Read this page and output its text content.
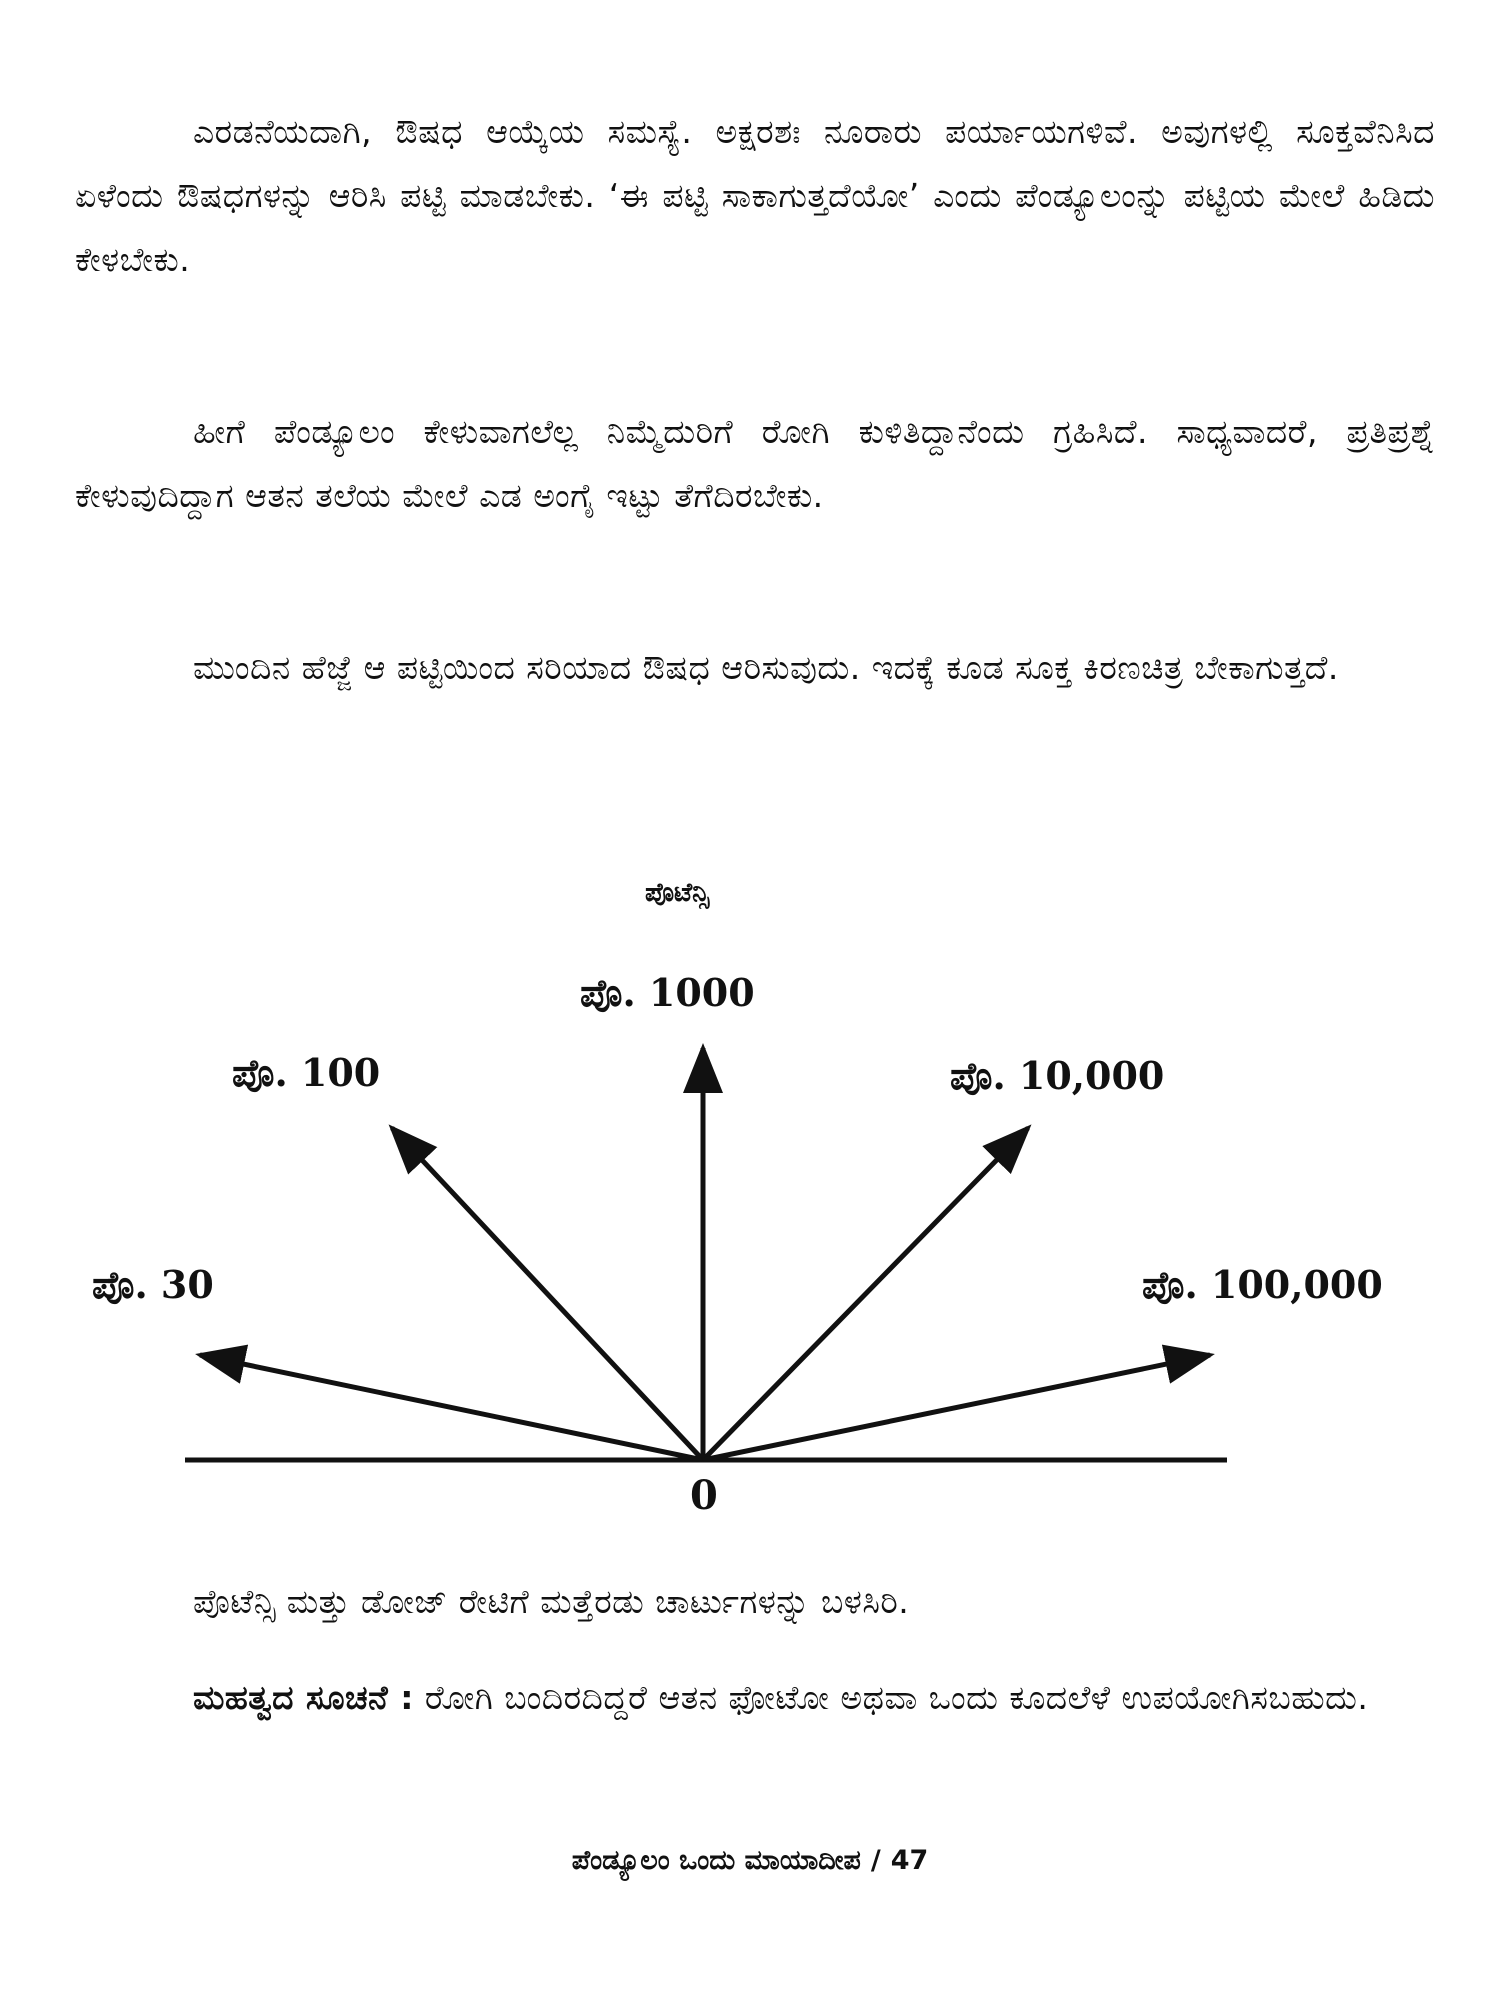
ಎರಡನೆಯದಾಗಿ, ಔಷಧ ಆಯ್ಕೆಯ ಸಮಸ್ಯೆ. ಅಕ್ಷರಶಃ ನೂರಾರು ಪರ್ಯಾಯಗಳಿವೆ. ಅವುಗಳಲ್ಲಿ ಸೂಕ್ತವೆನಿಸಿದ ಏಳೆಂದು ಔಷಧಗಳನ್ನು ಆರಿಸಿ ಪಟ್ಟಿ ಮಾಡಬೇಕು. ‘ಈ ಪಟ್ಟಿ ಸಾಕಾಗುತ್ತದೆಯೋ’ ಎಂದು ಪೆಂಡ್ಯೂಲಂನ್ನು ಪಟ್ಟಿಯ ಮೇಲೆ ಹಿಡಿದು ಕೇಳಬೇಕು.

ಹೀಗೆ ಪೆಂಡ್ಯೂಲಂ ಕೇಳುವಾಗಲೆಲ್ಲ ನಿಮ್ಮೆದುರಿಗೆ ರೋಗಿ ಕುಳಿತಿದ್ದಾನೆಂದು ಗ್ರಹಿಸಿದೆ. ಸಾಧ್ಯವಾದರೆ, ಪ್ರತಿಪ್ರಶ್ನೆ ಕೇಳುವುದಿದ್ದಾಗ ಆತನ ತಲೆಯ ಮೇಲೆ ಎಡ ಅಂಗೈ ಇಟ್ಟು ತೆಗೆದಿರಬೇಕು.

ಮುಂದಿನ ಹೆಜ್ಜೆ ಆ ಪಟ್ಟಿಯಿಂದ ಸರಿಯಾದ ಔಷಧ ಆರಿಸುವುದು. ಇದಕ್ಕೆ ಕೂಡ ಸೂಕ್ತ ಕಿರಣಚಿತ್ರ ಬೇಕಾಗುತ್ತದೆ.

ಪೊಟೆನ್ಸಿ
ಪೊ. 1000
ಪೊ. 100	ಪೊ. 10,000
ಪೊ. 30	ಪೊ. 100,000
0

ಪೊಟೆನ್ಸಿ ಮತ್ತು ಡೋಜ್ ರೇಟಿಗೆ ಮತ್ತೆರಡು ಚಾರ್ಟುಗಳನ್ನು ಬಳಸಿರಿ.

ಮಹತ್ವದ ಸೂಚನೆ : ರೋಗಿ ಬಂದಿರದಿದ್ದರೆ ಆತನ ಫೋಟೋ ಅಥವಾ ಒಂದು ಕೂದಲೆಳೆ ಉಪಯೋಗಿಸಬಹುದು.

ಪೆಂಡ್ಯೂಲಂ ಒಂದು ಮಾಯಾದೀಪ / 47
